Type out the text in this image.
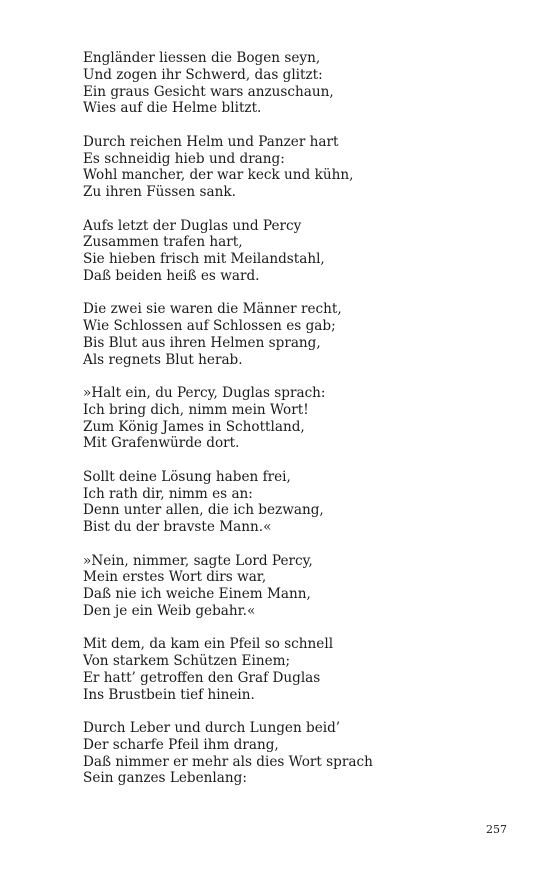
Engländer liessen die Bogen seyn,
Und zogen ihr Schwerd, das glitzt:
Ein graus Gesicht wars anzuschaun,
Wies auf die Helme blitzt.
Durch reichen Helm und Panzer hart
Es schneidig hieb und drang:
Wohl mancher, der war keck und kühn,
Zu ihren Füssen sank.
Aufs letzt der Duglas und Percy
Zusammen trafen hart,
Sie hieben frisch mit Meilandstahl,
Daß beiden heiß es ward.
Die zwei sie waren die Männer recht,
Wie Schlossen auf Schlossen es gab;
Bis Blut aus ihren Helmen sprang,
Als regnets Blut herab.
»Halt ein, du Percy, Duglas sprach:
Ich bring dich, nimm mein Wort!
Zum König James in Schottland,
Mit Grafenwürde dort.
Sollt deine Lösung haben frei,
Ich rath dir, nimm es an:
Denn unter allen, die ich bezwang,
Bist du der bravste Mann.«
»Nein, nimmer, sagte Lord Percy,
Mein erstes Wort dirs war,
Daß nie ich weiche Einem Mann,
Den je ein Weib gebahr.«
Mit dem, da kam ein Pfeil so schnell
Von starkem Schützen Einem;
Er hatt’ getroffen den Graf Duglas
Ins Brustbein tief hinein.
Durch Leber und durch Lungen beid’
Der scharfe Pfeil ihm drang,
Daß nimmer er mehr als dies Wort sprach
Sein ganzes Lebenlang:
257
